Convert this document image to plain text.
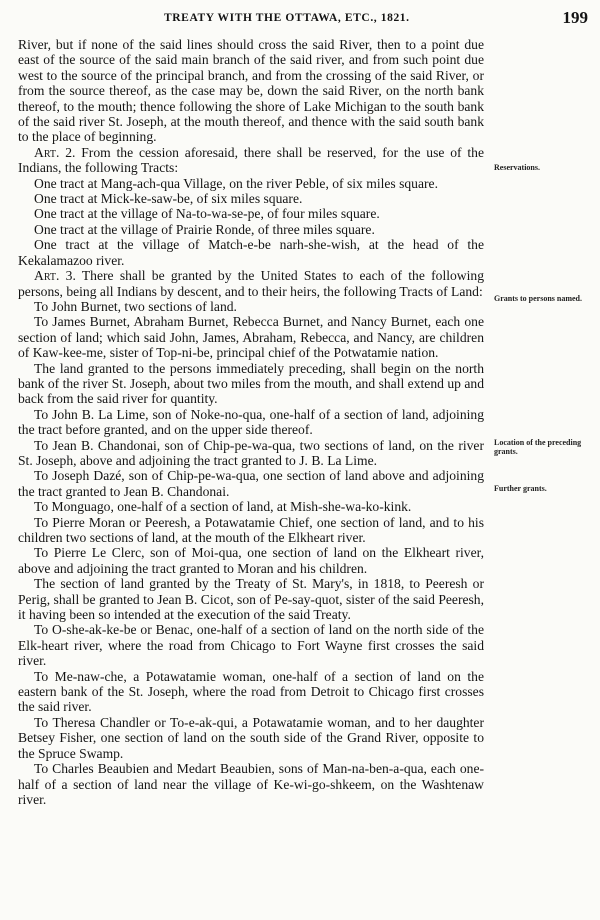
TREATY WITH THE OTTAWA, ETC., 1821.	199

River, but if none of the said lines should cross the said River, then to a point due east of the source of the said main branch of the said river, and from such point due west to the source of the principal branch, and from the crossing of the said River, or from the source thereof, as the case may be, down the said River, on the north bank thereof, to the mouth; thence following the shore of Lake Michigan to the south bank of the said river St. Joseph, at the mouth thereof, and thence with the said south bank to the place of beginning.

Art. 2. From the cession aforesaid, there shall be reserved, for the use of the Indians, the following Tracts:

One tract at Mang-ach-qua Village, on the river Peble, of six miles square.

One tract at Mick-ke-saw-be, of six miles square.

One tract at the village of Na-to-wa-se-pe, of four miles square.

One tract at the village of Prairie Ronde, of three miles square.

One tract at the village of Match-e-be narh-she-wish, at the head of the Kekalamazoo river.

Art. 3. There shall be granted by the United States to each of the following persons, being all Indians by descent, and to their heirs, the following Tracts of Land:

To John Burnet, two sections of land.

To James Burnet, Abraham Burnet, Rebecca Burnet, and Nancy Burnet, each one section of land; which said John, James, Abraham, Rebecca, and Nancy, are children of Kaw-kee-me, sister of Top-ni-be, principal chief of the Potwatamie nation.

The land granted to the persons immediately preceding, shall begin on the north bank of the river St. Joseph, about two miles from the mouth, and shall extend up and back from the said river for quantity.

To John B. La Lime, son of Noke-no-qua, one-half of a section of land, adjoining the tract before granted, and on the upper side thereof.

To Jean B. Chandonai, son of Chip-pe-wa-qua, two sections of land, on the river St. Joseph, above and adjoining the tract granted to J. B. La Lime.

To Joseph Dazé, son of Chip-pe-wa-qua, one section of land above and adjoining the tract granted to Jean B. Chandonai.

To Monguago, one-half of a section of land, at Mish-she-wa-ko-kink.

To Pierre Moran or Peeresh, a Potawatamie Chief, one section of land, and to his children two sections of land, at the mouth of the Elkheart river.

To Pierre Le Clerc, son of Moi-qua, one section of land on the Elkheart river, above and adjoining the tract granted to Moran and his children.

The section of land granted by the Treaty of St. Mary's, in 1818, to Peeresh or Perig, shall be granted to Jean B. Cicot, son of Pe-say-quot, sister of the said Peeresh, it having been so intended at the execution of the said Treaty.

To O-she-ak-ke-be or Benac, one-half of a section of land on the north side of the Elk-heart river, where the road from Chicago to Fort Wayne first crosses the said river.

To Me-naw-che, a Potawatamie woman, one-half of a section of land on the eastern bank of the St. Joseph, where the road from Detroit to Chicago first crosses the said river.

To Theresa Chandler or To-e-ak-qui, a Potawatamie woman, and to her daughter Betsey Fisher, one section of land on the south side of the Grand River, opposite to the Spruce Swamp.

To Charles Beaubien and Medart Beaubien, sons of Man-na-ben-a-qua, each one-half of a section of land near the village of Ke-wi-go-shkeem, on the Washtenaw river.

Reservations.
Grants to persons named.
Location of the preceding grants.
Further grants.
